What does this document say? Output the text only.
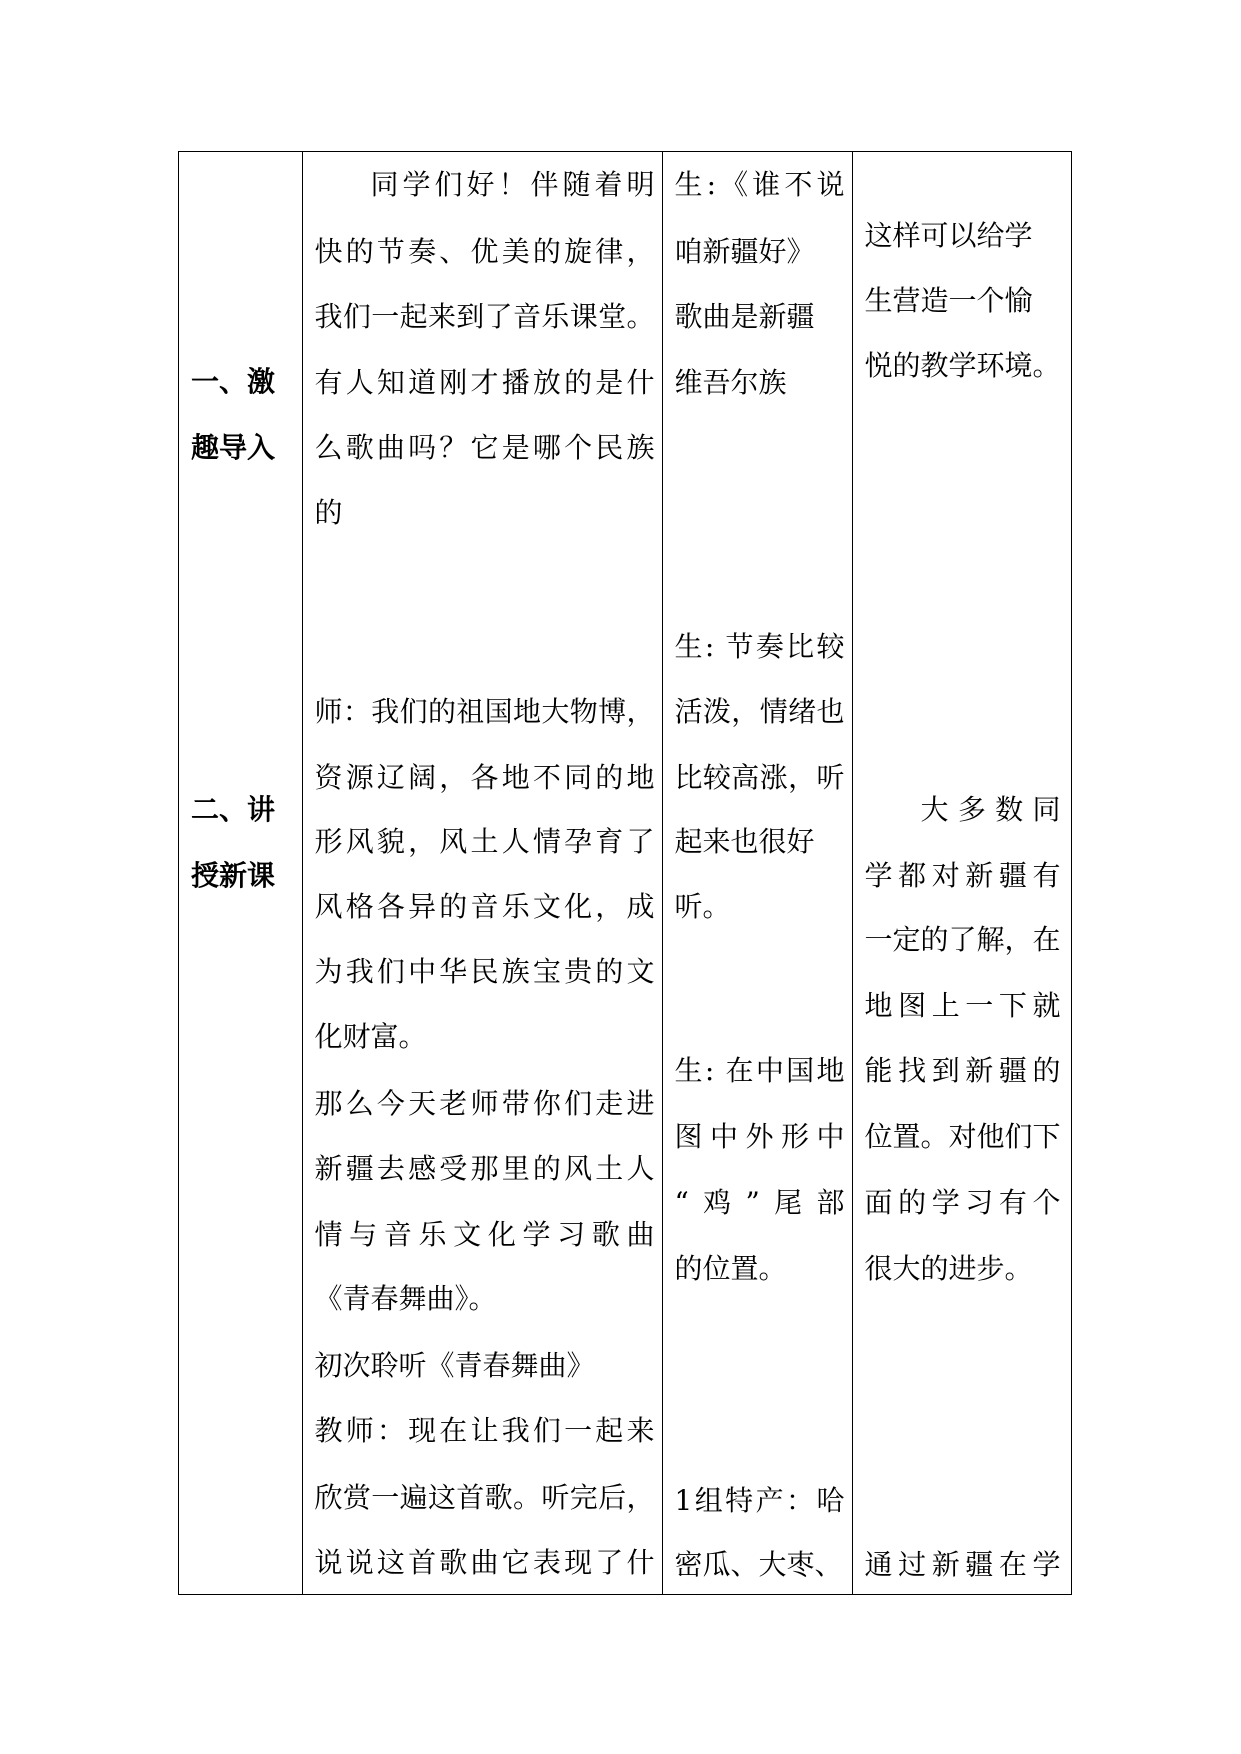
一、激
趣导入
二、讲
授新课
同学们好！伴随着明
快的节奏、优美的旋律，
我们一起来到了音乐课堂。
有人知道刚才播放的是什
么歌曲吗？它是哪个民族
的
师：我们的祖国地大物博，
资源辽阔，各地不同的地
形风貌，风土人情孕育了
风格各异的音乐文化，成
为我们中华民族宝贵的文
化财富。
那么今天老师带你们走进
新疆去感受那里的风土人
情与音乐文化学习歌曲
《青春舞曲》。
初次聆听《青春舞曲》
教师：现在让我们一起来
欣赏一遍这首歌。听完后，
说说这首歌曲它表现了什
生:《谁不说
咱新疆好》
歌曲是新疆
维吾尔族
生: 节奏比较
活泼，情绪也
比较高涨，听
起来也很好
听。
生: 在中国地
图中外形中
“鸡”尾部
的位置。
1组特产：哈
密瓜、大枣、
这样可以给学
生营造一个愉
悦的教学环境。
大多数同
学都对新疆有
一定的了解，在
地图上一下就
能找到新疆的
位置。对他们下
面的学习有个
很大的进步。
通过新疆在学
